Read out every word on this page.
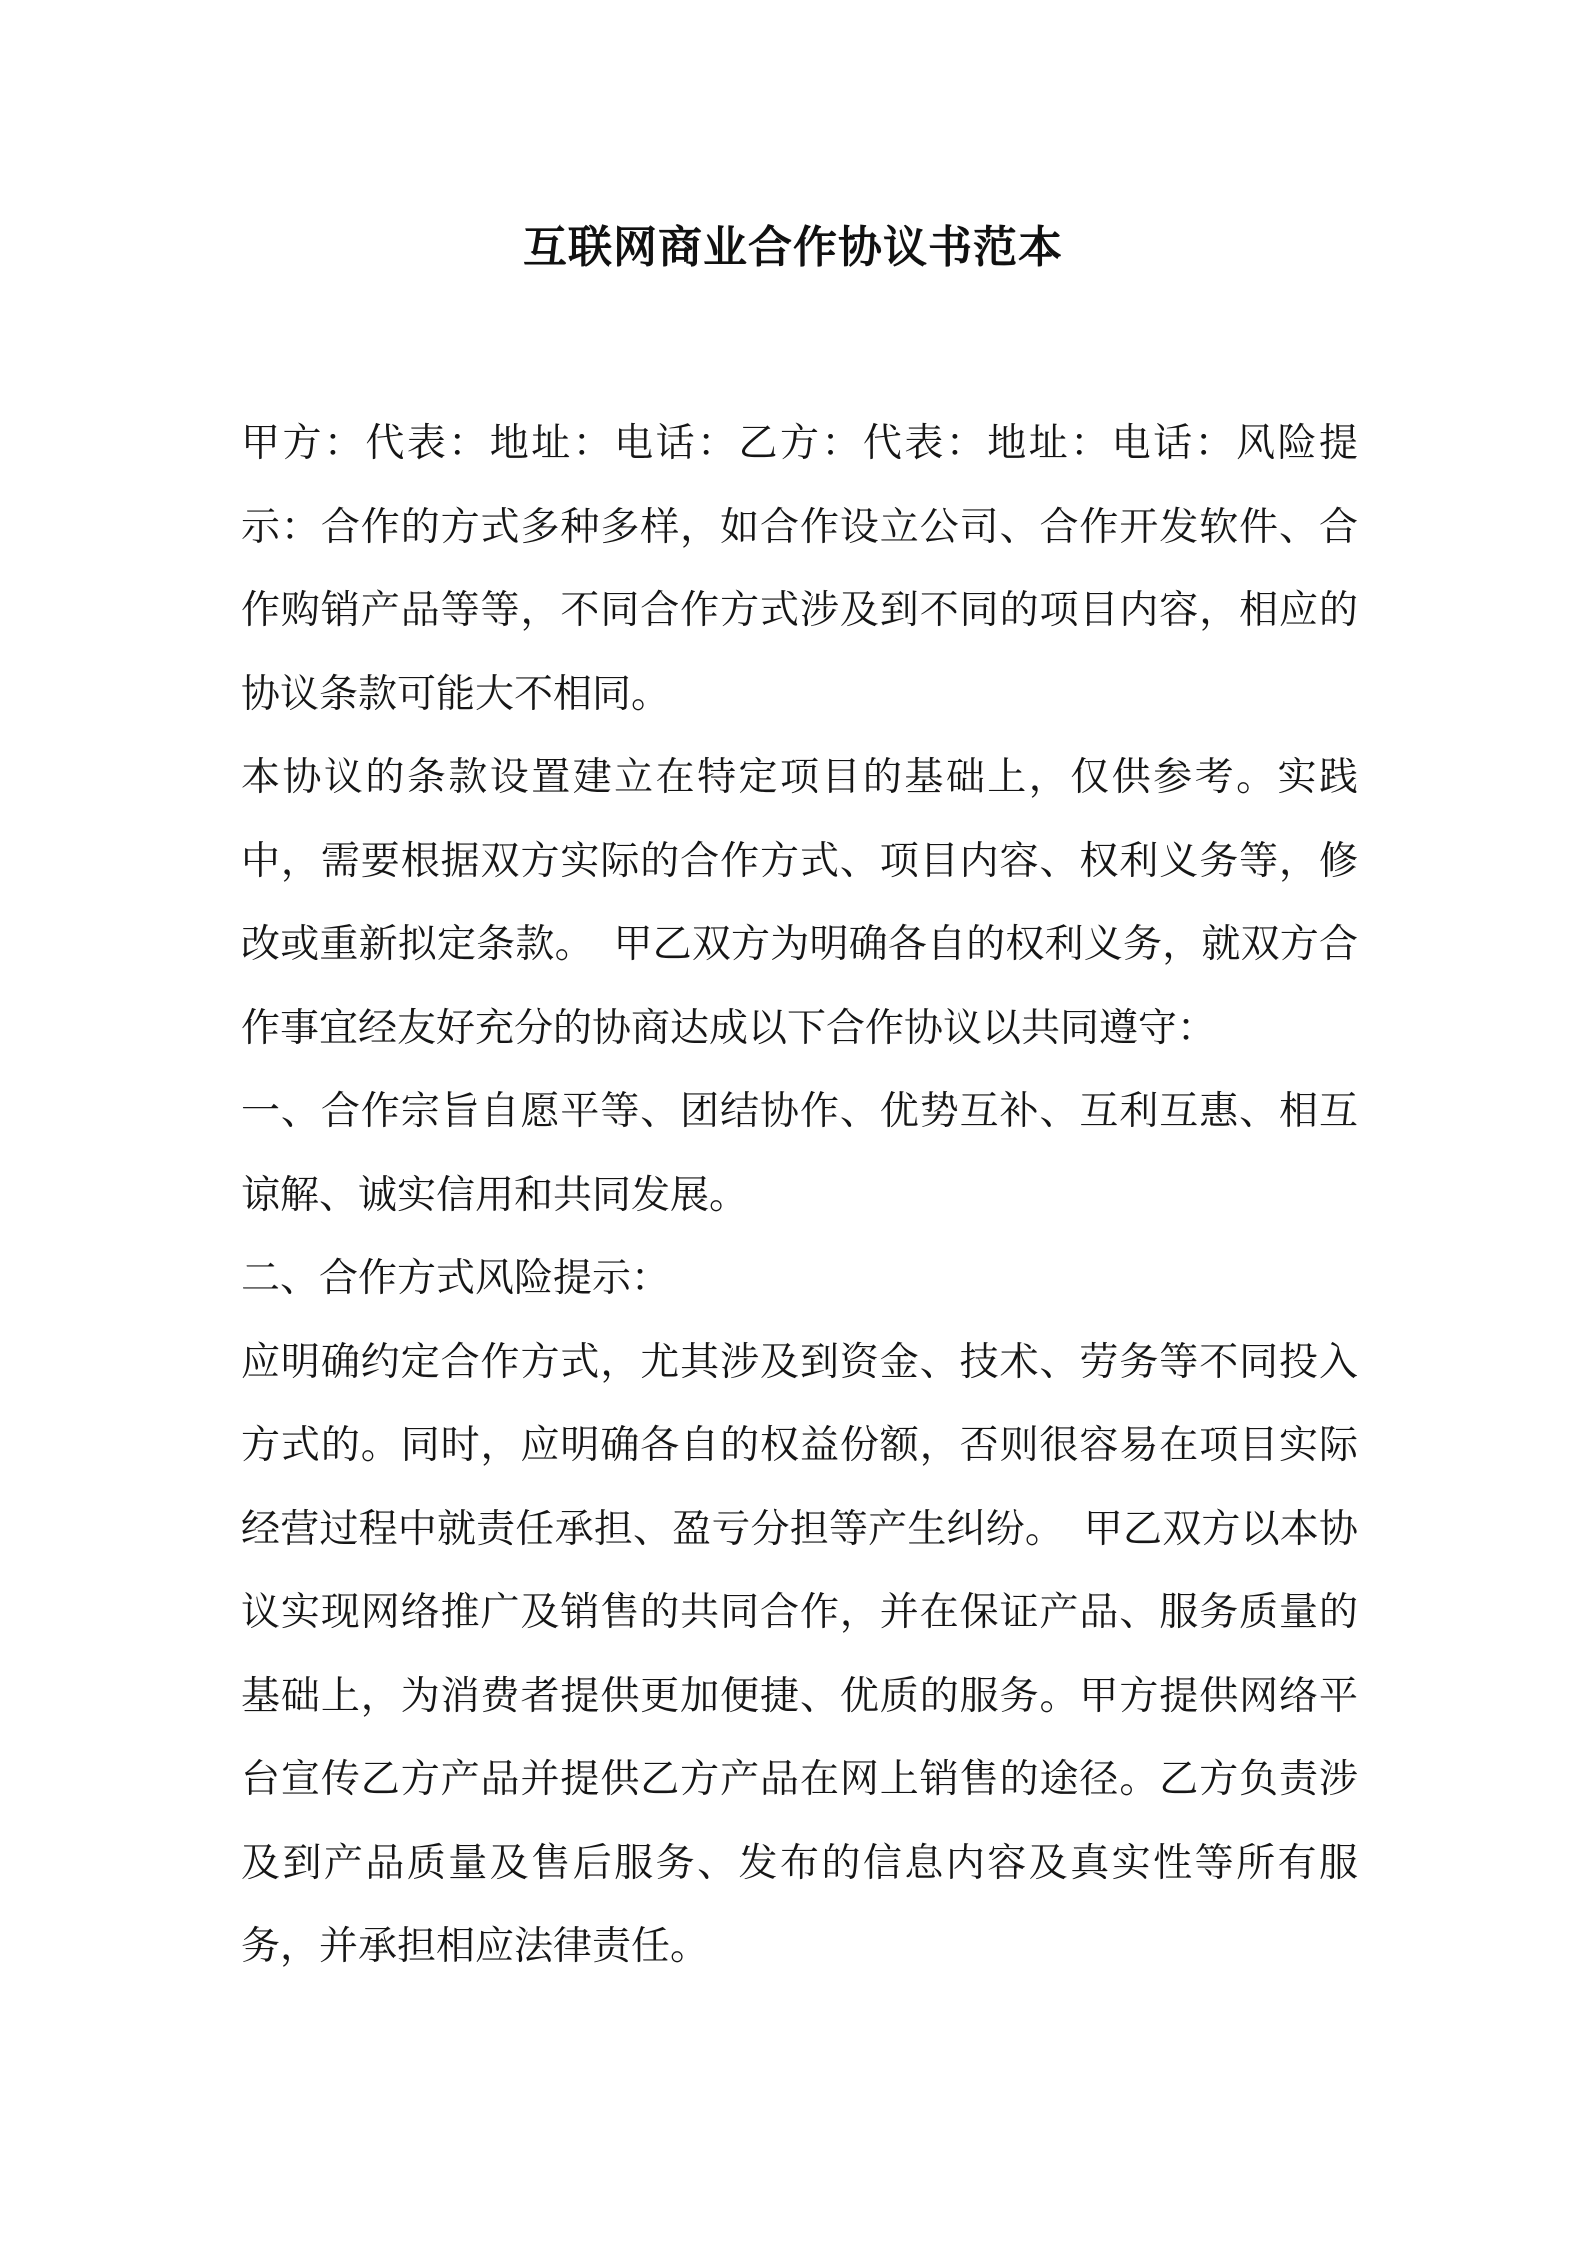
互联网商业合作协议书范本

甲方：代表：地址：电话：乙方：代表：地址：电话：风险提示：合作的方式多种多样，如合作设立公司、合作开发软件、合作购销产品等等，不同合作方式涉及到不同的项目内容，相应的协议条款可能大不相同。

本协议的条款设置建立在特定项目的基础上，仅供参考。实践中，需要根据双方实际的合作方式、项目内容、权利义务等，修改或重新拟定条款。　甲乙双方为明确各自的权利义务，就双方合作事宜经友好充分的协商达成以下合作协议以共同遵守：

一、合作宗旨自愿平等、团结协作、优势互补、互利互惠、相互谅解、诚实信用和共同发展。

二、合作方式风险提示：

应明确约定合作方式，尤其涉及到资金、技术、劳务等不同投入方式的。同时，应明确各自的权益份额，否则很容易在项目实际经营过程中就责任承担、盈亏分担等产生纠纷。　甲乙双方以本协议实现网络推广及销售的共同合作，并在保证产品、服务质量的基础上，为消费者提供更加便捷、优质的服务。甲方提供网络平台宣传乙方产品并提供乙方产品在网上销售的途径。乙方负责涉及到产品质量及售后服务、发布的信息内容及真实性等所有服务，并承担相应法律责任。
